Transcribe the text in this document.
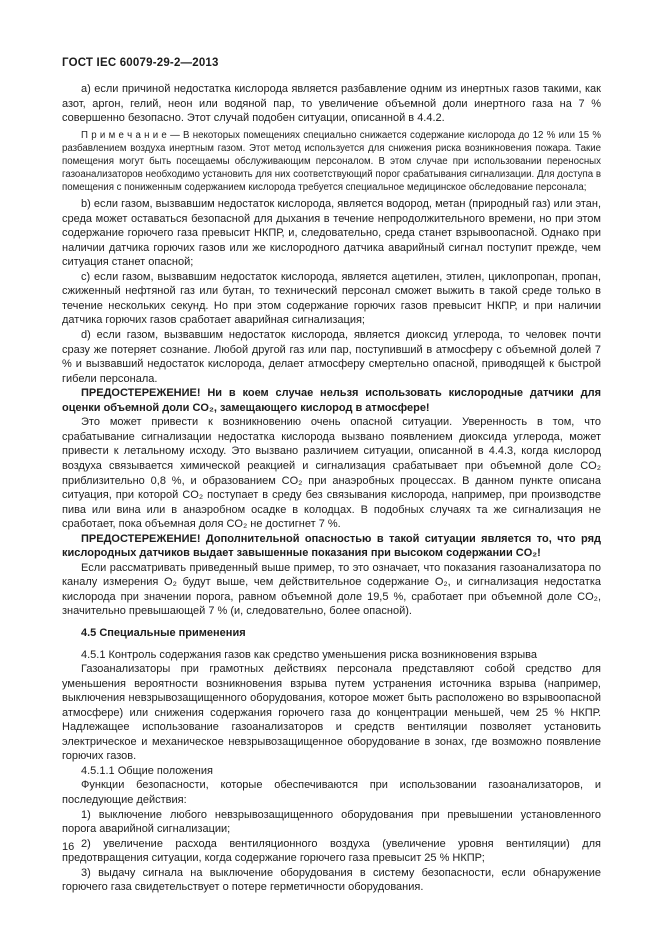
ГОСТ IEC 60079-29-2—2013

а) если причиной недостатка кислорода является разбавление одним из инертных газов такими, как азот, аргон, гелий, неон или водяной пар, то увеличение объемной доли инертного газа на 7 % совершенно безопасно. Этот случай подобен ситуации, описанной в 4.4.2.

П р и м е ч а н и е — В некоторых помещениях специально снижается содержание кислорода до 12 % или 15 % разбавлением воздуха инертным газом. Этот метод используется для снижения риска возникновения пожара. Такие помещения могут быть посещаемы обслуживающим персоналом. В этом случае при использовании переносных газоанализаторов необходимо установить для них соответствующий порог срабатывания сигнализации. Для доступа в помещения с пониженным содержанием кислорода требуется специальное медицинское обследование персонала;

b) если газом, вызвавшим недостаток кислорода, является водород, метан (природный газ) или этан, среда может оставаться безопасной для дыхания в течение непродолжительного времени, но при этом содержание горючего газа превысит НКПР, и, следовательно, среда станет взрывоопасной. Однако при наличии датчика горючих газов или же кислородного датчика аварийный сигнал поступит прежде, чем ситуация станет опасной;

c) если газом, вызвавшим недостаток кислорода, является ацетилен, этилен, циклопропан, пропан, сжиженный нефтяной газ или бутан, то технический персонал сможет выжить в такой среде только в течение нескольких секунд. Но при этом содержание горючих газов превысит НКПР, и при наличии датчика горючих газов сработает аварийная сигнализация;

d) если газом, вызвавшим недостаток кислорода, является диоксид углерода, то человек почти сразу же потеряет сознание. Любой другой газ или пар, поступивший в атмосферу с объемной долей 7 % и вызвавший недостаток кислорода, делает атмосферу смертельно опасной, приводящей к быстрой гибели персонала.

ПРЕДОСТЕРЕЖЕНИЕ! Ни в коем случае нельзя использовать кислородные датчики для оценки объемной доли CO₂, замещающего кислород в атмосфере!

Это может привести к возникновению очень опасной ситуации. Уверенность в том, что срабатывание сигнализации недостатка кислорода вызвано появлением диоксида углерода, может привести к летальному исходу. Это вызвано различием ситуации, описанной в 4.4.3, когда кислород воздуха связывается химической реакцией и сигнализация срабатывает при объемной доле CO₂ приблизительно 0,8 %, и образованием CO₂ при анаэробных процессах. В данном пункте описана ситуация, при которой CO₂ поступает в среду без связывания кислорода, например, при производстве пива или вина или в анаэробном осадке в колодцах. В подобных случаях та же сигнализация не сработает, пока объемная доля CO₂ не достигнет 7 %.

ПРЕДОСТЕРЕЖЕНИЕ! Дополнительной опасностью в такой ситуации является то, что ряд кислородных датчиков выдает завышенные показания при высоком содержании CO₂!

Если рассматривать приведенный выше пример, то это означает, что показания газоанализатора по каналу измерения O₂ будут выше, чем действительное содержание O₂, и сигнализация недостатка кислорода при значении порога, равном объемной доле 19,5 %, сработает при объемной доле CO₂, значительно превышающей 7 % (и, следовательно, более опасной).

4.5 Специальные применения

4.5.1 Контроль содержания газов как средство уменьшения риска возникновения взрыва

Газоанализаторы при грамотных действиях персонала представляют собой средство для уменьшения вероятности возникновения взрыва путем устранения источника взрыва (например, выключения невзрывозащищенного оборудования, которое может быть расположено во взрывоопасной атмосфере) или снижения содержания горючего газа до концентрации меньшей, чем 25 % НКПР. Надлежащее использование газоанализаторов и средств вентиляции позволяет установить электрическое и механическое невзрывозащищенное оборудование в зонах, где возможно появление горючих газов.

4.5.1.1 Общие положения

Функции безопасности, которые обеспечиваются при использовании газоанализаторов, и последующие действия:

1) выключение любого невзрывозащищенного оборудования при превышении установленного порога аварийной сигнализации;

2) увеличение расхода вентиляционного воздуха (увеличение уровня вентиляции) для предотвращения ситуации, когда содержание горючего газа превысит 25 % НКПР;

3) выдачу сигнала на выключение оборудования в систему безопасности, если обнаружение горючего газа свидетельствует о потере герметичности оборудования.

16
